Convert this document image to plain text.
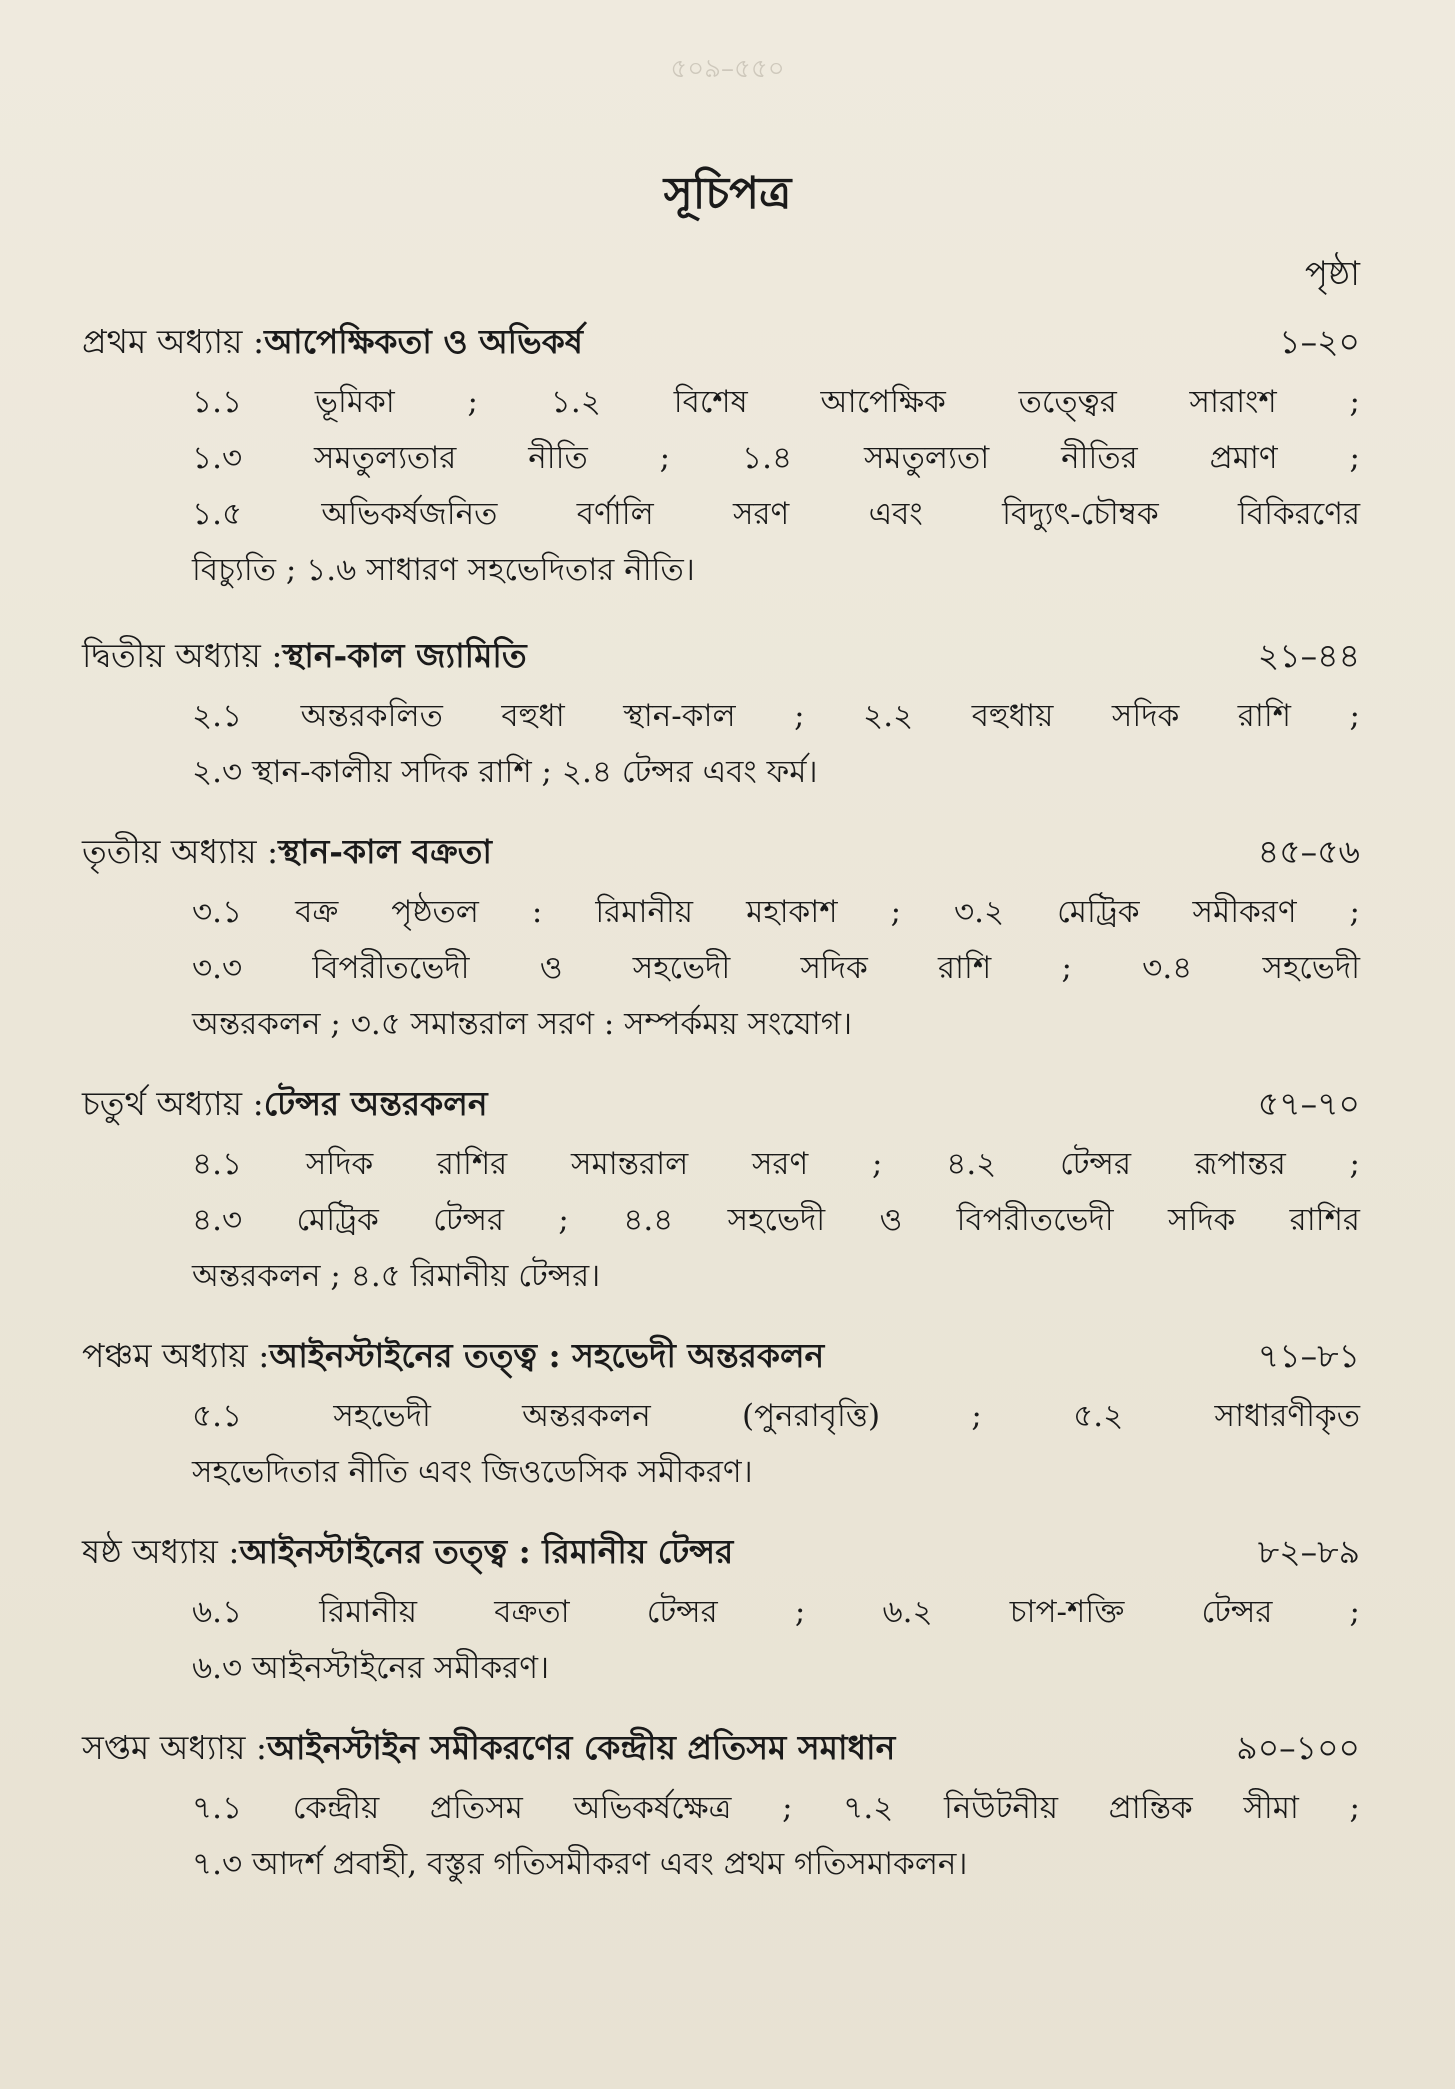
৫০৯–৫৫০
সূচিপত্র
পৃষ্ঠা
প্রথম অধ্যায় : আপেক্ষিকতা ও অভিকর্ষ	১–২০
১.১ ভূমিকা ; ১.২ বিশেষ আপেক্ষিক তত্ত্বের সারাংশ ;
১.৩ সমতুল্যতার নীতি ; ১.৪ সমতুল্যতা নীতির প্রমাণ ;
১.৫ অভিকর্ষজনিত বর্ণালি সরণ এবং বিদ্যুৎ-চৌম্বক বিকিরণের
বিচ্যুতি ; ১.৬ সাধারণ সহভেদিতার নীতি।
দ্বিতীয় অধ্যায় : স্থান-কাল জ্যামিতি	২১–৪৪
২.১ অন্তরকলিত বহুধা স্থান-কাল ; ২.২ বহুধায় সদিক রাশি ;
২.৩ স্থান-কালীয় সদিক রাশি ; ২.৪ টেন্সর এবং ফর্ম।
তৃতীয় অধ্যায় : স্থান-কাল বক্রতা	৪৫–৫৬
৩.১ বক্র পৃষ্ঠতল : রিমানীয় মহাকাশ ; ৩.২ মেট্রিক সমীকরণ ;
৩.৩ বিপরীতভেদী ও সহভেদী সদিক রাশি ; ৩.৪ সহভেদী
অন্তরকলন ; ৩.৫ সমান্তরাল সরণ : সম্পর্কময় সংযোগ।
চতুর্থ অধ্যায় : টেন্সর অন্তরকলন	৫৭–৭০
৪.১ সদিক রাশির সমান্তরাল সরণ ; ৪.২ টেন্সর রূপান্তর ;
৪.৩ মেট্রিক টেন্সর ; ৪.৪ সহভেদী ও বিপরীতভেদী সদিক রাশির
অন্তরকলন ; ৪.৫ রিমানীয় টেন্সর।
পঞ্চম অধ্যায় : আইনস্টাইনের তত্ত্ব : সহভেদী অন্তরকলন	৭১–৮১
৫.১ সহভেদী অন্তরকলন (পুনরাবৃত্তি) ; ৫.২ সাধারণীকৃত
সহভেদিতার নীতি এবং জিওডেসিক সমীকরণ।
ষষ্ঠ অধ্যায় : আইনস্টাইনের তত্ত্ব : রিমানীয় টেন্সর	৮২–৮৯
৬.১ রিমানীয় বক্রতা টেন্সর ; ৬.২ চাপ-শক্তি টেন্সর ;
৬.৩ আইনস্টাইনের সমীকরণ।
সপ্তম অধ্যায় : আইনস্টাইন সমীকরণের কেন্দ্রীয় প্রতিসম সমাধান	৯০–১০০
৭.১ কেন্দ্রীয় প্রতিসম অভিকর্ষক্ষেত্র ; ৭.২ নিউটনীয় প্রান্তিক সীমা ;
৭.৩ আদর্শ প্রবাহী, বস্তুর গতিসমীকরণ এবং প্রথম গতিসমাকলন।
